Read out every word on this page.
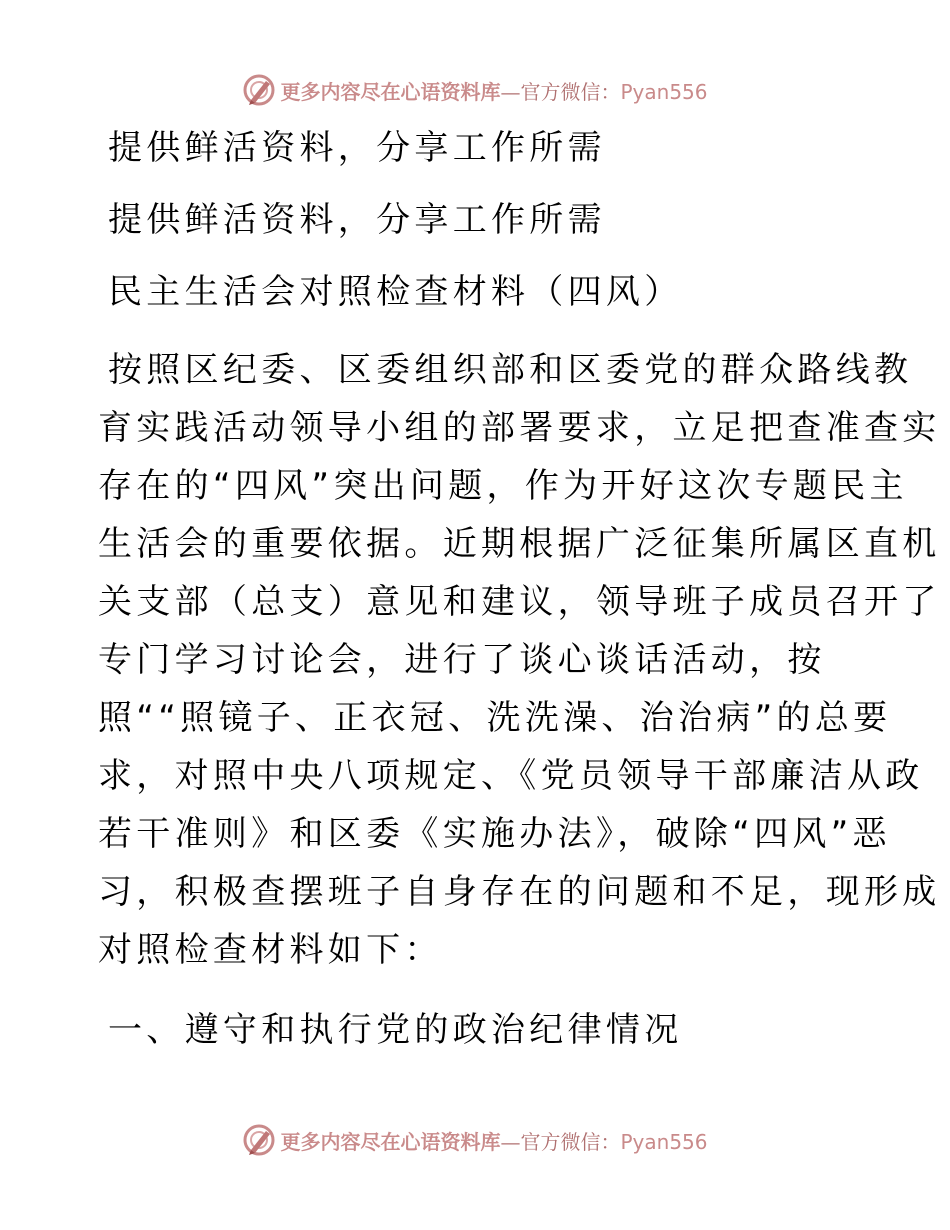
更多内容尽在心语资料库—官方微信：Pyan556
提供鲜活资料，分享工作所需
提供鲜活资料，分享工作所需
民主生活会对照检查材料（四风）
按照区纪委、区委组织部和区委党的群众路线教
育实践活动领导小组的部署要求，立足把查准查实
存在的“四风”突出问题，作为开好这次专题民主
生活会的重要依据。近期根据广泛征集所属区直机
关支部（总支）意见和建议，领导班子成员召开了
专门学习讨论会，进行了谈心谈话活动，按
照““照镜子、正衣冠、洗洗澡、治治病”的总要
求，对照中央八项规定、《党员领导干部廉洁从政
若干准则》和区委《实施办法》，破除“四风”恶
习，积极查摆班子自身存在的问题和不足，现形成
对照检查材料如下：
一、遵守和执行党的政治纪律情况
更多内容尽在心语资料库—官方微信：Pyan556
